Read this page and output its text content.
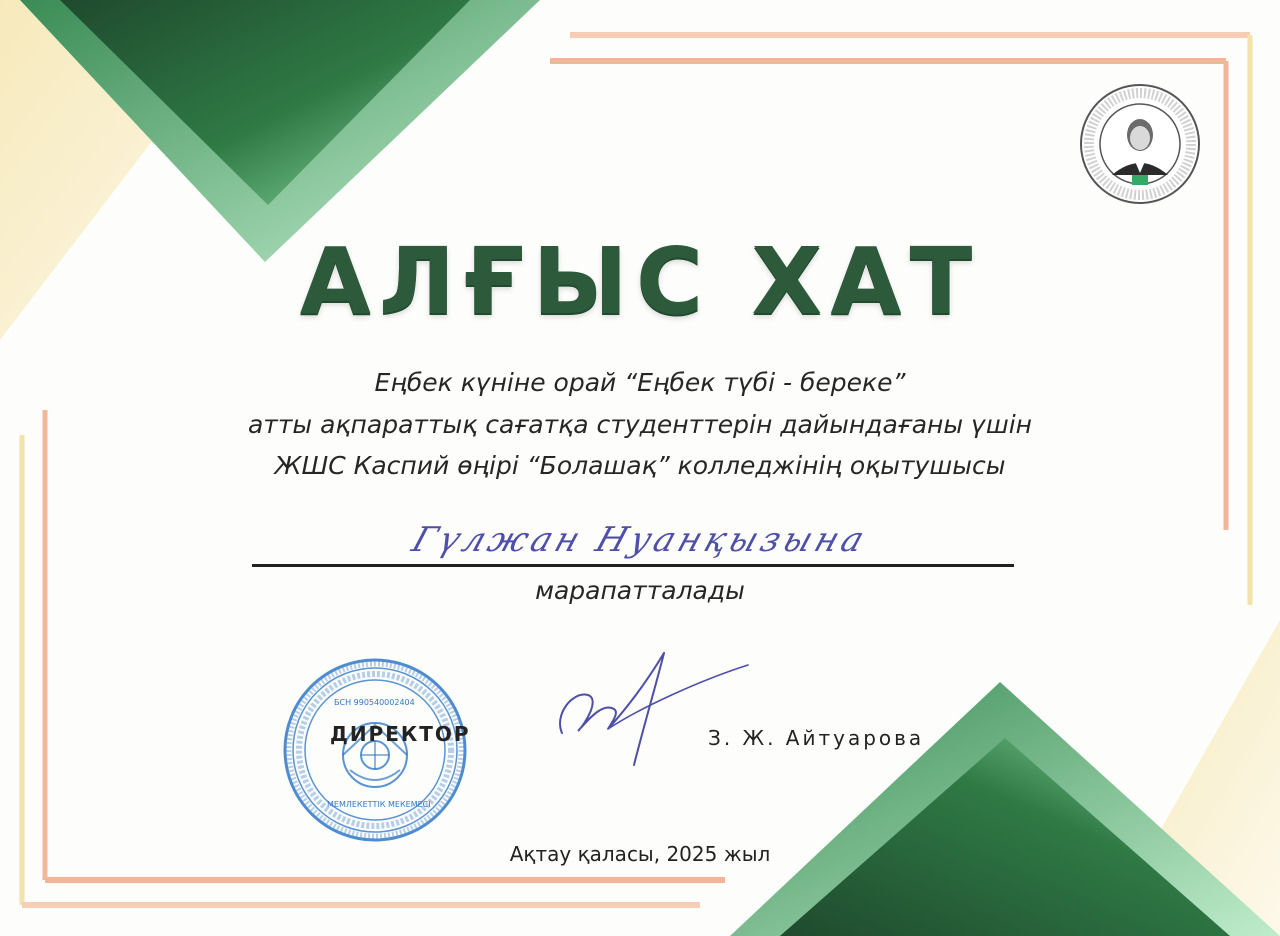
АЛҒЫС ХАТ
Еңбек күніне орай “Еңбек түбі - береке”
атты ақпараттық сағатқа студенттерін дайындағаны үшін
ЖШС Каспий өңірі “Болашақ” колледжінің оқытушысы
Гүлжан Нуанқызына
марапатталады
БСН 990540002404
МЕМЛЕКЕТТІК МЕКЕМЕСІ
ДИРЕКТОР	З. Ж. Айтуарова
Ақтау қаласы, 2025 жыл
